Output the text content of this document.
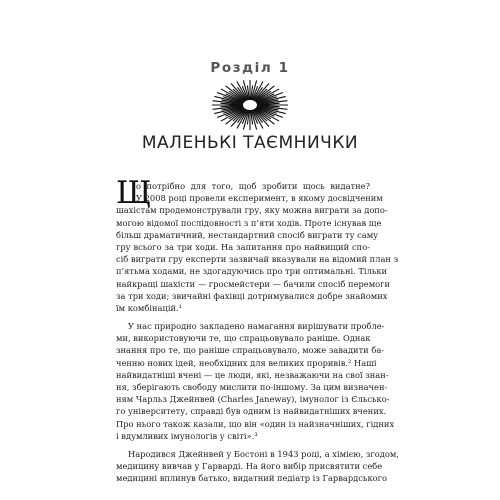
Розділ 1
МАЛЕНЬКІ ТАЄМНИЧКИ
Щ
о потрібно для того, щоб зробити щось видатне?
У 2008 році провели експеримент, в якому досвідченим
шахістам продемонстрували гру, яку можна виграти за допо-
могою відомої послідовності з п’яти ходів. Проте існував ще
більш драматичний, нестандартний спосіб виграти ту саму
гру всього за три ходи. На запитання про найвищий спо-
сіб виграти гру експерти зазвичай вказували на відомий план з
п’ятьма ходами, не здогадуючись про три оптимальні. Тільки
найкращі шахісти — гросмейстери — бачили спосіб перемоги
за три ходи; звичайні фахівці дотримувалися добре знайомих
їм комбінацій.¹
У нас природно закладено намагання вирішувати пробле-
ми, використовуючи те, що спрацьовувало раніше. Однак
знання про те, що раніше спрацьовувало, може завадити ба-
ченню нових ідей, необхідних для великих проривів.² Наші
найвидатніші вчені — це люди, які, незважаючи на свої знан-
ня, зберігають свободу мислити по-іншому. За цим визначен-
ням Чарльз Джейнвей (Charles Janeway), імунолог із Єльсько-
го університету, справді був одним із найвидатніших вчених.
Про нього також казали, що він «один із найзначніших, гідних
і вдумливих імунологів у світі».³
Народився Джейнвей у Бостоні в 1943 році, а хімією, згодом,
медицину вивчав у Гарварді. На його вибір присвятити себе
медицині вплинув батько, видатний педіатр із Гарвардського
